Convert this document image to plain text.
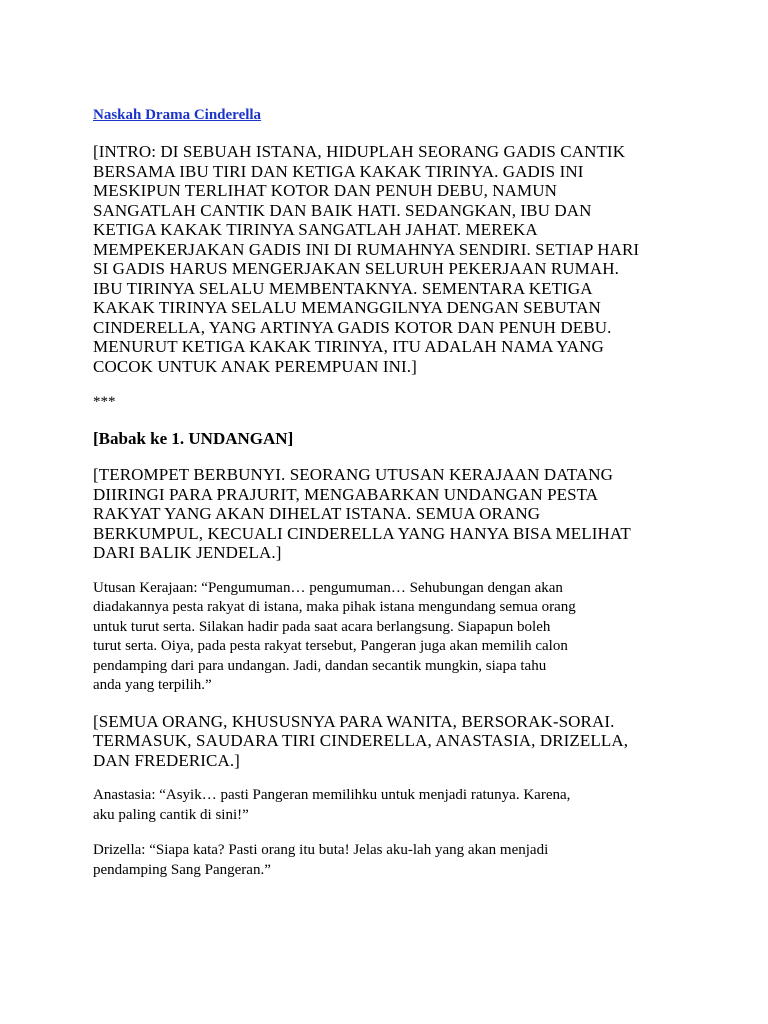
Naskah Drama Cinderella
[INTRO: DI SEBUAH ISTANA, HIDUPLAH SEORANG GADIS CANTIK
BERSAMA IBU TIRI DAN KETIGA KAKAK TIRINYA. GADIS INI
MESKIPUN TERLIHAT KOTOR DAN PENUH DEBU, NAMUN
SANGATLAH CANTIK DAN BAIK HATI. SEDANGKAN, IBU DAN
KETIGA KAKAK TIRINYA SANGATLAH JAHAT. MEREKA
MEMPEKERJAKAN GADIS INI DI RUMAHNYA SENDIRI. SETIAP HARI
SI GADIS HARUS MENGERJAKAN SELURUH PEKERJAAN RUMAH.
IBU TIRINYA SELALU MEMBENTAKNYA. SEMENTARA KETIGA
KAKAK TIRINYA SELALU MEMANGGILNYA DENGAN SEBUTAN
CINDERELLA, YANG ARTINYA GADIS KOTOR DAN PENUH DEBU.
MENURUT KETIGA KAKAK TIRINYA, ITU ADALAH NAMA YANG
COCOK UNTUK ANAK PEREMPUAN INI.]
***
[Babak ke 1. UNDANGAN]
[TEROMPET BERBUNYI. SEORANG UTUSAN KERAJAAN DATANG
DIIRINGI PARA PRAJURIT, MENGABARKAN UNDANGAN PESTA
RAKYAT YANG AKAN DIHELAT ISTANA. SEMUA ORANG
BERKUMPUL, KECUALI CINDERELLA YANG HANYA BISA MELIHAT
DARI BALIK JENDELA.]
Utusan Kerajaan: “Pengumuman… pengumuman… Sehubungan dengan akan
diadakannya pesta rakyat di istana, maka pihak istana mengundang semua orang
untuk turut serta. Silakan hadir pada saat acara berlangsung. Siapapun boleh
turut serta. Oiya, pada pesta rakyat tersebut, Pangeran juga akan memilih calon
pendamping dari para undangan. Jadi, dandan secantik mungkin, siapa tahu
anda yang terpilih.”
[SEMUA ORANG, KHUSUSNYA PARA WANITA, BERSORAK-SORAI.
TERMASUK, SAUDARA TIRI CINDERELLA, ANASTASIA, DRIZELLA,
DAN FREDERICA.]
Anastasia: “Asyik… pasti Pangeran memilihku untuk menjadi ratunya. Karena,
aku paling cantik di sini!”
Drizella: “Siapa kata? Pasti orang itu buta! Jelas aku-lah yang akan menjadi
pendamping Sang Pangeran.”
